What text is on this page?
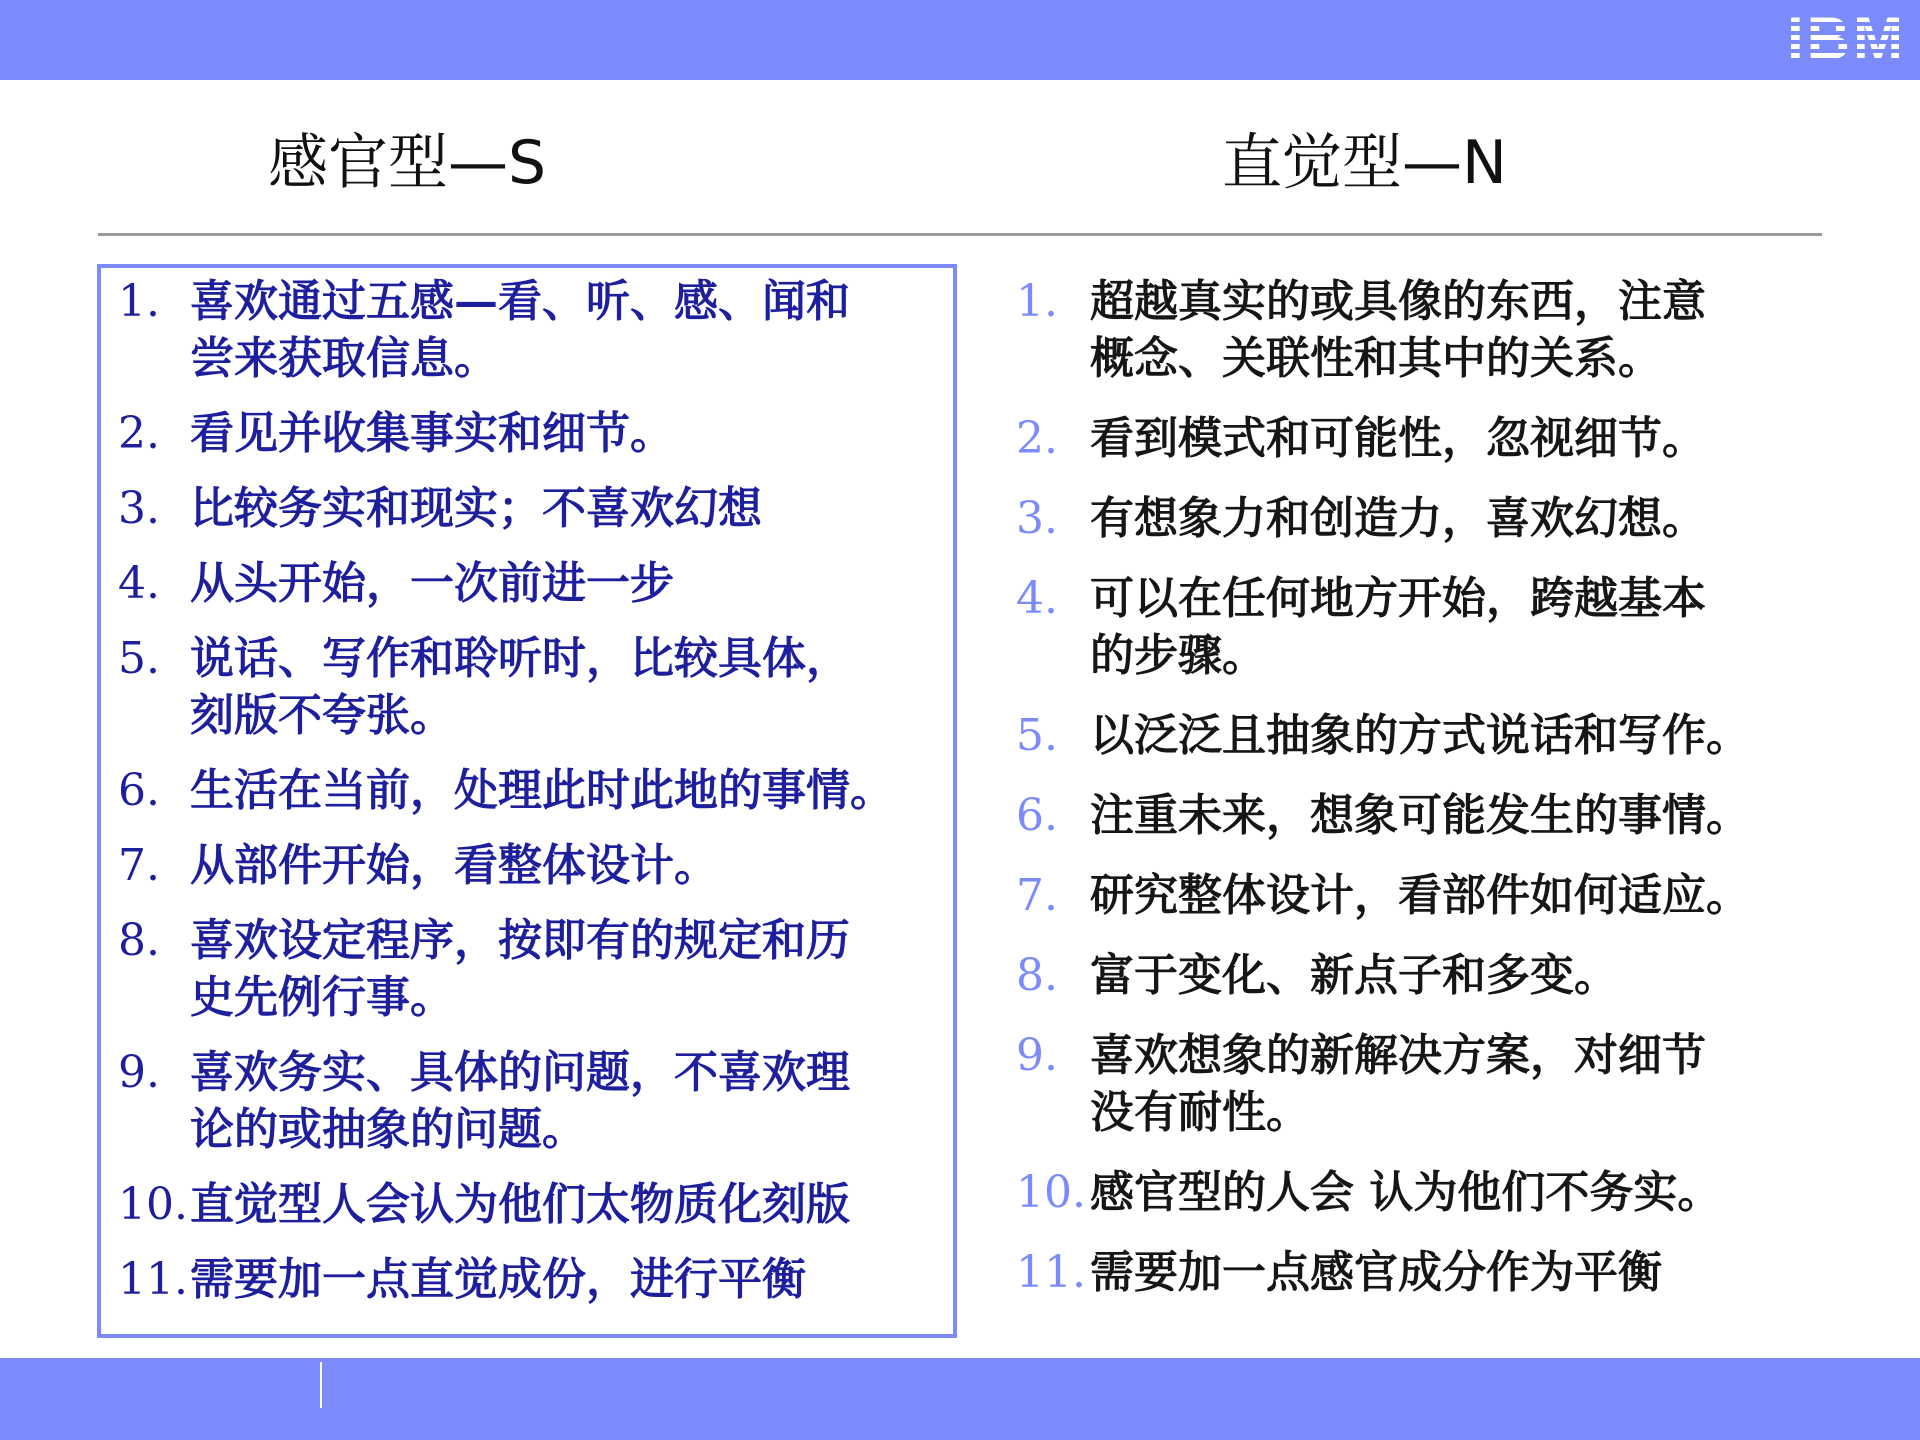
IBM
感官型—S	直觉型—N
1. 喜欢通过五感—看、听、感、闻和
尝来获取信息。
2. 看见并收集事实和细节。
3. 比较务实和现实；不喜欢幻想
4. 从头开始，一次前进一步
5. 说话、写作和聆听时，比较具体，
刻版不夸张。
6. 生活在当前，处理此时此地的事情。
7. 从部件开始，看整体设计。
8. 喜欢设定程序，按即有的规定和历
史先例行事。
9. 喜欢务实、具体的问题，不喜欢理
论的或抽象的问题。
10. 直觉型人会认为他们太物质化刻版
11. 需要加一点直觉成份，进行平衡
1. 超越真实的或具像的东西，注意
概念、关联性和其中的关系。
2. 看到模式和可能性，忽视细节。
3. 有想象力和创造力，喜欢幻想。
4. 可以在任何地方开始，跨越基本
的步骤。
5. 以泛泛且抽象的方式说话和写作。
6. 注重未来，想象可能发生的事情。
7. 研究整体设计，看部件如何适应。
8. 富于变化、新点子和多变。
9. 喜欢想象的新解决方案，对细节
没有耐性。
10. 感官型的人会 认为他们不务实。
11. 需要加一点感官成分作为平衡
